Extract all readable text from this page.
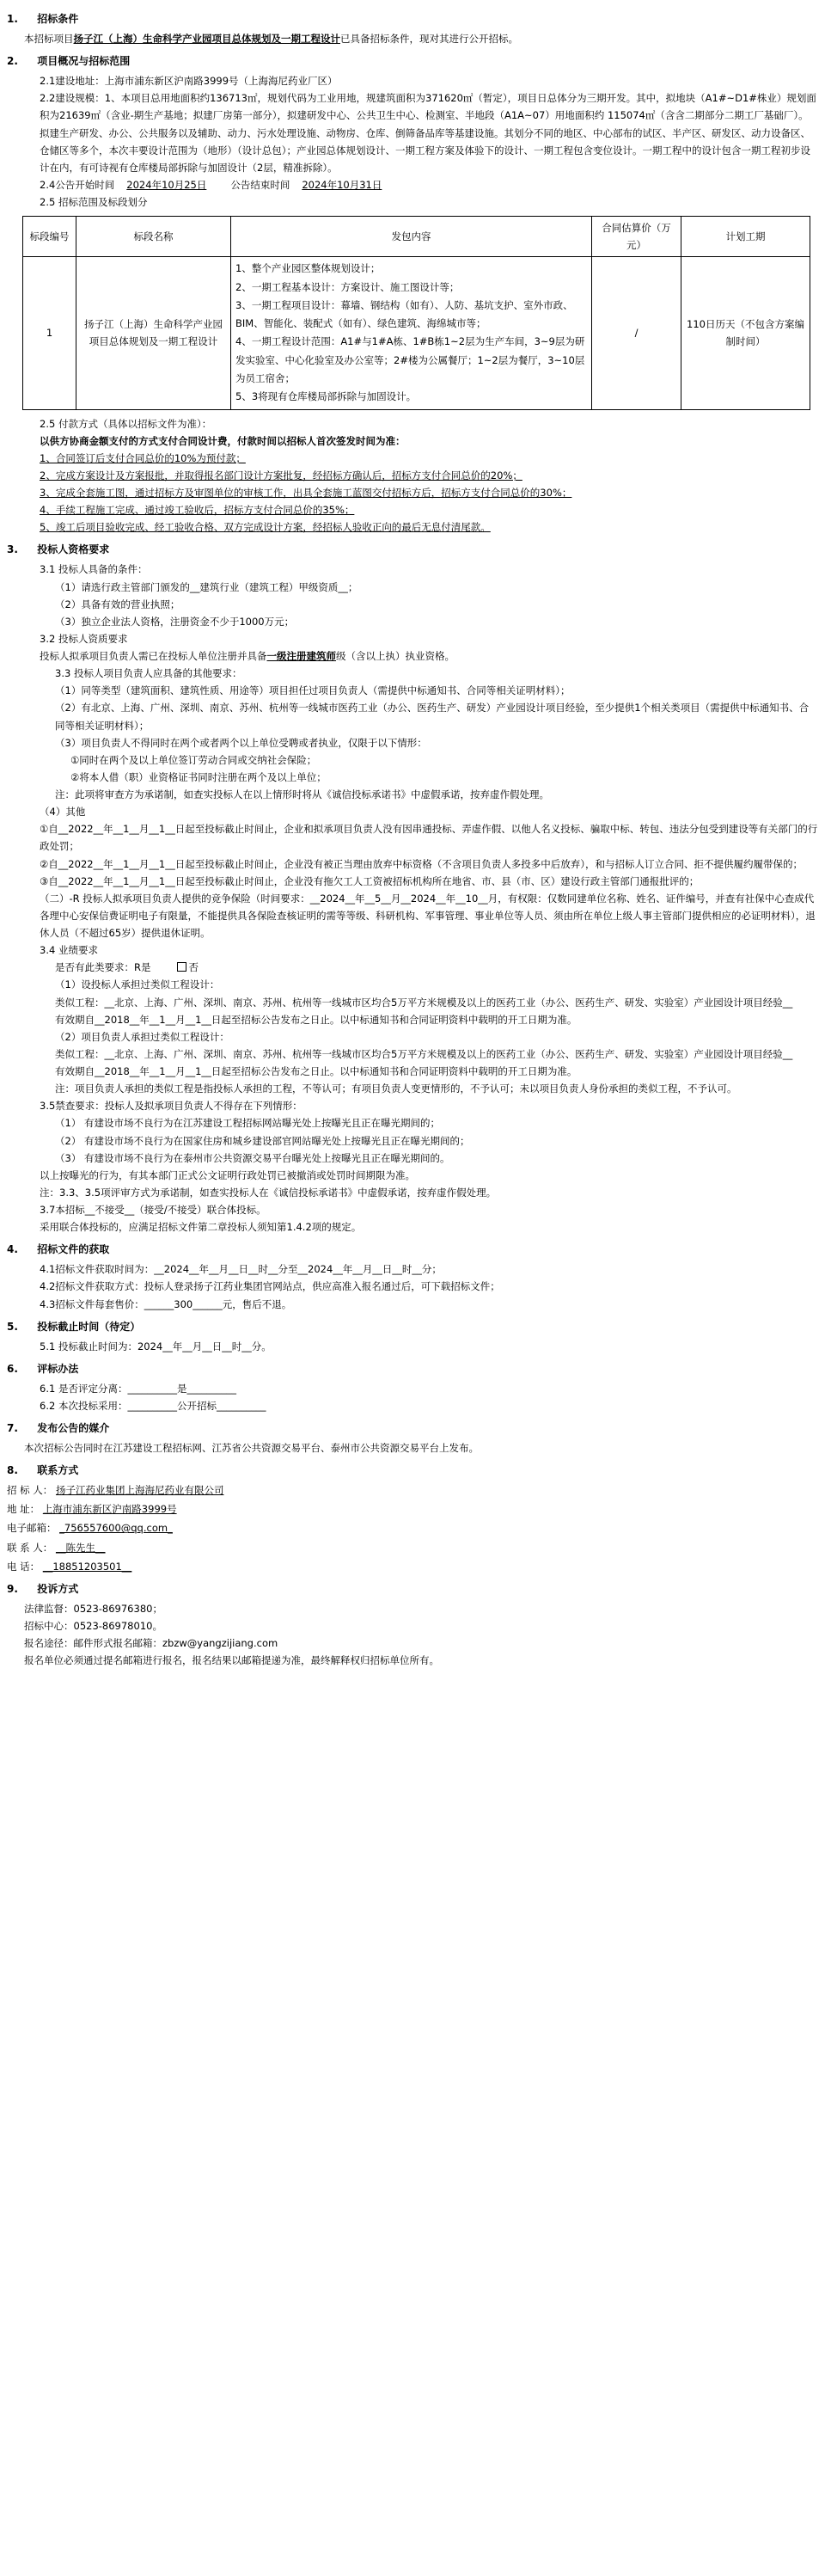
1. 招标条件
本招标项目扬子江（上海）生命科学产业园项目总体规划及一期工程设计已具备招标条件，现对其进行公开招标。
2. 项目概况与招标范围
2.1建设地址：上海市浦东新区沪南路3999号（上海海尼药业厂区）
2.2建设规模：1、本项目总用地面积约136713㎡，规划代码为工业用地，规建筑面积为371620㎡（暂定），项目日总体分为三期开发。其中，拟地块（A1#~D1#株业）规划面积为21639㎡（含业-期生产基地；拟建厂房第一部分），拟建研发中心、公共卫生中心、检测室、半地段（A1A~07）用地面积约 115074㎡（含含二期部分二期工厂基础厂）。拟建生产研发、办公、公共服务以及辅助、动力、污水处理设施、动物房、仓库、倒筛备品库等基建设施。其划分不同的地区、中心部布的试区、半产区、研发区、动力设备区、仓储区等多个，本次丰要设计范围为（地形）（设计总包）；产业园总体规划设计、一期工程方案及体验下的设计、一期工程包含变位设计。一期工程中的设计包含一期工程初步设计在内，有可诗视有仓库楼局部拆除与加固设计（2层，精准拆除）。
2.4公告开始时间 2024年10月25日 公告结束时间 2024年10月31日
2.5 招标范围及标段划分
标段编号	标段名称	发包内容	合同估算价（万元）	计划工期
1	扬子江（上海）生命科学产业园项目总体规划及一期工程设计	1、整个产业园区整体规划设计；
2、一期工程基本设计：方案设计、施工图设计等；
3、一期工程项目设计：幕墙、钢结构（如有）、人防、基坑支护、室外市政、BIM、智能化、装配式（如有）、绿色建筑、海绵城市等；
4、一期工程设计范围：A1#与1#A栋、1#B栋1~2层为生产车间，3~9层为研发实验室、中心化验室及办公室等；2#楼为公属餐厅；1~2层为餐厅，3~10层为员工宿舍；
5、3将现有仓库楼局部拆除与加固设计。	/	110日历天（不包含方案编制时间）
2.5 付款方式（具体以招标文件为准）：
以供方协商金额支付的方式支付合同设计费，付款时间以招标人首次签发时间为准：
1、合同签订后支付合同总价的10%为预付款；
2、完成方案设计及方案报批，并取得报名部门设计方案批复，经招标方确认后，招标方支付合同总价的20%；
3、完成全套施工图，通过招标方及审图单位的审核工作，出具全套施工蓝图交付招标方后，招标方支付合同总价的30%；
4、手续工程施工完成、通过竣工验收后，招标方支付合同总价的35%；
5、竣工后项目验收完成、经工验收合格、双方完成设计方案，经招标人验收正向的最后无息付清尾款。
3. 投标人资格要求
3.1 投标人具备的条件：
（1）请选行政主管部门颁发的__建筑行业（建筑工程）甲级资质__；
（2）具备有效的营业执照；
（3）独立企业法人资格，注册资金不少于1000万元；
3.2 投标人资质要求
投标人拟承项目负责人需已在投标人单位注册并具备一级注册建筑师级（含以上执）执业资格。
3.3 投标人项目负责人应具备的其他要求：
（1）同等类型（建筑面积、建筑性质、用途等）项目担任过项目负责人（需提供中标通知书、合同等相关证明材料）；
（2）有北京、上海、广州、深圳、南京、苏州、杭州等一线城市医药工业（办公、医药生产、研发）产业园设计项目经验，至少提供1个相关类项目（需提供中标通知书、合同等相关证明材料）；
（3）项目负责人不得同时在两个或者两个以上单位受聘或者执业，仅限于以下情形：
①同时在两个及以上单位签订劳动合同或交纳社会保险；
②将本人借（职）业资格证书同时注册在两个及以上单位；
注：此项将审查方为承诺制，如查实投标人在以上情形时将从《诚信投标承诺书》中虚假承诺，按弃虚作假处理。
（4）其他
①自__2022__年__1__月__1__日起至投标截止时间止，企业和拟承项目负责人没有因串通投标、弄虚作假、以他人名义投标、骗取中标、转包、违法分包受到建设等有关部门的行政处罚；
②自__2022__年__1__月__1__日起至投标截止时间止，企业没有被正当理由放弃中标资格（不含项目负责人多投多中后放弃），和与招标人订立合同、拒不提供履约履带保的；
③自__2022__年__1__月__1__日起至投标截止时间止，企业没有拖欠工人工资被招标机构所在地省、市、县（市、区）建设行政主管部门通报批评的；
（二）-R 投标人拟承项目负责人提供的竞争保险（时间要求：__2024__年__5__月__2024__年__10__月，有权限：仅数同建单位名称、姓名、证件编号，并查有社保中心查成代各理中心安保信费证明电子有限量，不能提供具各保险查核证明的需等等级、科研机构、军事管理、事业单位等人员、须由所在单位上级人事主管部门提供相应的必证明材料），退休人员（不超过65岁）提供退休证明。
3.4 业绩要求
是否有此类要求：R是	否
（1）设投标人承担过类似工程设计：
类似工程：__北京、上海、广州、深圳、南京、苏州、杭州等一线城市区均合5万平方米规模及以上的医药工业（办公、医药生产、研发、实验室）产业园设计项目经验__
有效期自__2018__年__1__月__1__日起至招标公告发布之日止。以中标通知书和合同证明资料中载明的开工日期为准。
（2）项目负责人承担过类似工程设计：
类似工程：__北京、上海、广州、深圳、南京、苏州、杭州等一线城市区均合5万平方米规模及以上的医药工业（办公、医药生产、研发、实验室）产业园设计项目经验__
有效期自__2018__年__1__月__1__日起至招标公告发布之日止。以中标通知书和合同证明资料中载明的开工日期为准。
注：项目负责人承担的类似工程是指投标人承担的工程，不等认可；有项目负责人变更情形的，不予认可；未以项目负责人身份承担的类似工程，不予认可。
3.5禁查要求：投标人及拟承项目负责人不得存在下列情形：
（1） 有建设市场不良行为在江苏建设工程招标网站曝光处上按曝光且正在曝光期间的；
（2） 有建设市场不良行为在国家住房和城乡建设部官网站曝光处上按曝光且正在曝光期间的；
（3） 有建设市场不良行为在泰州市公共资源交易平台曝光处上按曝光且正在曝光期间的。
以上按曝光的行为，有其本部门正式公文证明行政处罚已被撤消或处罚时间期限为准。
注：3.3、3.5项评审方式为承诺制，如查实投标人在《诚信投标承诺书》中虚假承诺，按弃虚作假处理。
3.7本招标__不接受__（接受/不接受）联合体投标。
采用联合体投标的，应满足招标文件第二章投标人须知第1.4.2项的规定。
4. 招标文件的获取
4.1招标文件获取时间为：__2024__年__月__日__时__分至__2024__年__月__日__时__分；
4.2招标文件获取方式：投标人登录扬子江药业集团官网站点，供应高准入报名通过后，可下载招标文件；
4.3招标文件每套售价：______300______元，售后不退。
5. 投标截止时间（待定）
5.1 投标截止时间为：2024__年__月__日__时__分。
6. 评标办法
6.1 是否评定分离：__________是__________
6.2 本次投标采用：__________公开招标__________
7. 发布公告的媒介
本次招标公告同时在江苏建设工程招标网、江苏省公共资源交易平台、泰州市公共资源交易平台上发布。
8. 联系方式
招 标 人： 扬子江药业集团上海海尼药业有限公司
地 址： 上海市浦东新区沪南路3999号
电子邮箱： _756557600@qq.com_
联 系 人： __陈先生__
电 话： __18851203501__
9. 投诉方式
法律监督：0523-86976380；
招标中心：0523-86978010。
报名途径：邮件形式报名邮箱：zbzw@yangzijiang.com
报名单位必须通过提名邮箱进行报名，报名结果以邮箱提递为准，最终解释权归招标单位所有。
